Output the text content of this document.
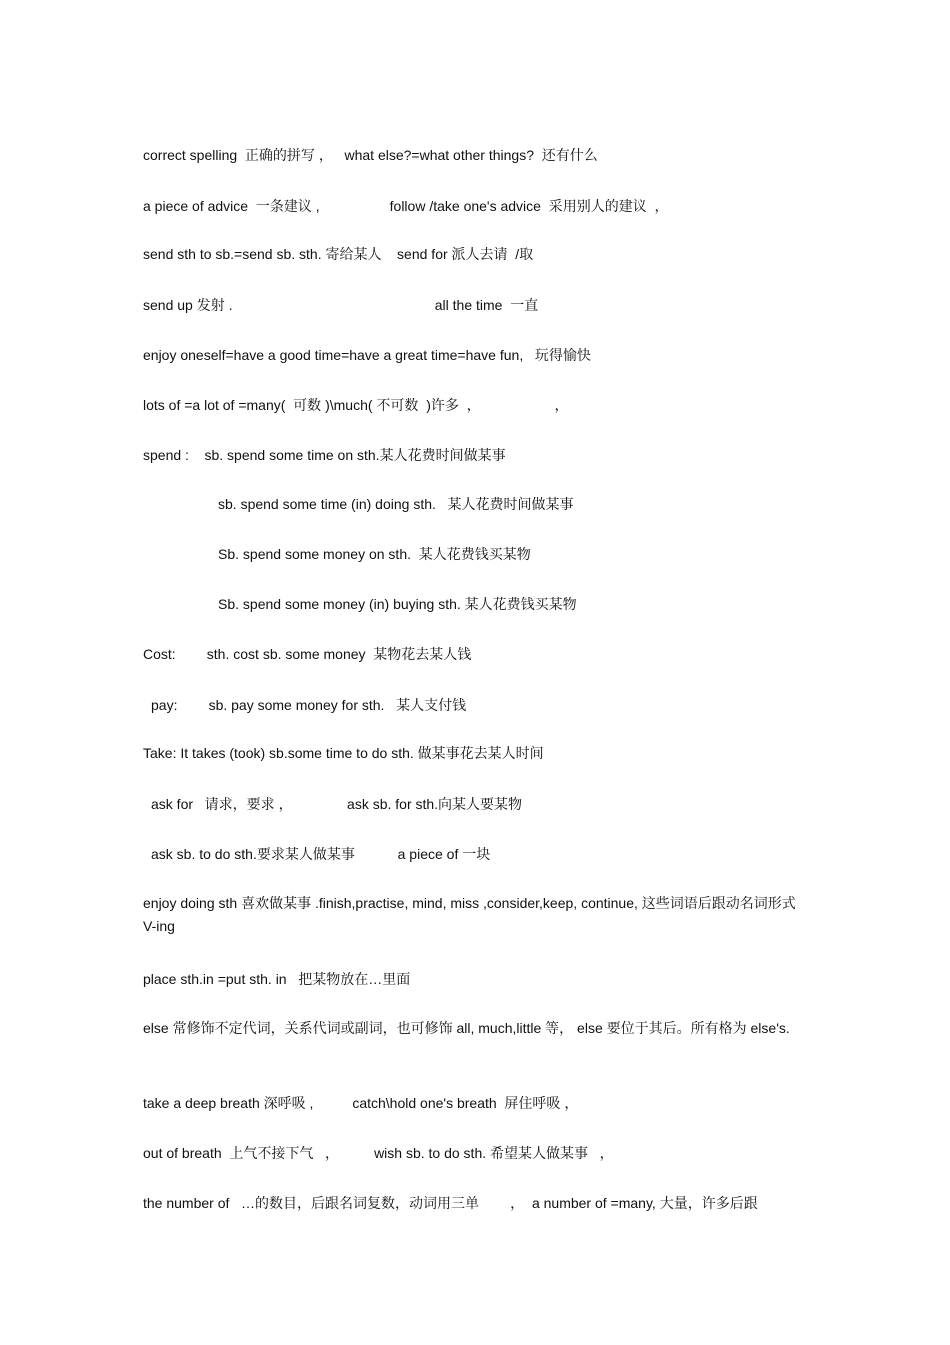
correct spelling  正确的拼写 ，   what else?=what other things?  还有什么

a piece of advice  一条建议 ,                  follow /take one's advice  采用别人的建议  ，

send sth to sb.=send sb. sth. 寄给某人    send for 派人去请  /取

send up 发射 .                                                    all the time  一直

enjoy oneself=have a good time=have a great time=have fun,   玩得愉快

lots of =a lot of =many(  可数 )\much( 不可数  )许多  ，                   ，

spend :    sb. spend some time on sth.某人花费时间做某事

sb. spend some time (in) doing sth.   某人花费时间做某事

Sb. spend some money on sth.  某人花费钱买某物

Sb. spend some money (in) buying sth. 某人花费钱买某物

Cost:        sth. cost sb. some money  某物花去某人钱

pay:        sb. pay some money for sth.   某人支付钱

Take: It takes (took) sb.some time to do sth. 做某事花去某人时间

ask for   请求，要求 ，              ask sb. for sth.向某人要某物

ask sb. to do sth.要求某人做某事           a piece of 一块

enjoy doing sth 喜欢做某事 .finish,practise, mind, miss ,consider,keep, continue, 这些词语后跟动名词形式 V-ing

place sth.in =put sth. in   把某物放在…里面

else 常修饰不定代词，关系代词或副词，也可修饰 all, much,little 等， else 要位于其后。所有格为 else's.

take a deep breath 深呼吸 ,          catch\hold one's breath  屏住呼吸 ，

out of breath  上气不接下气   ，         wish sb. to do sth. 希望某人做某事   ，

the number of   …的数目，后跟名词复数，动词用三单        ，  a number of =many, 大量，许多后跟
